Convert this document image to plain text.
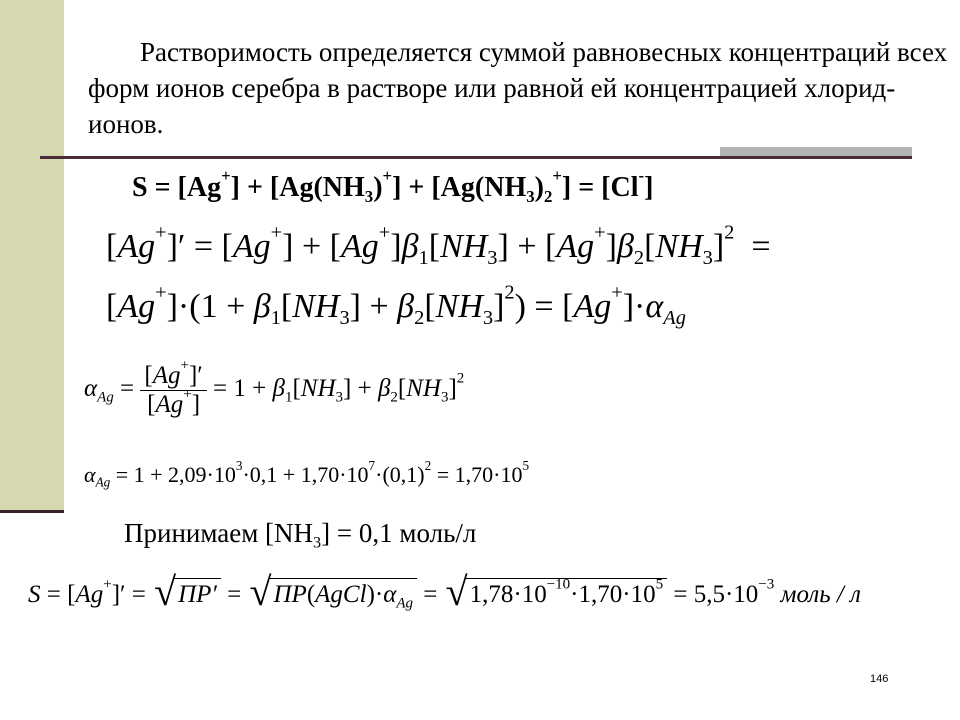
Растворимость определяется суммой равновесных концентраций всех форм ионов серебра в растворе или равной ей концентрацией хлорид-ионов.

$S = [Ag^+] + [Ag(NH_3)^+] + [Ag(NH_3)_2^+] = [Cl^-]$
$[Ag^+]' = [Ag^+] + [Ag^+]\beta_1[NH_3] + [Ag^+]\beta_2[NH_3]^2$  =
$[Ag^+]\cdot(1 + \beta_1[NH_3] + \beta_2[NH_3]^2) = [Ag^+]\cdot\alpha_{Ag}$
$\alpha_{Ag} = \frac{[Ag^+]'}{[Ag^+]} = 1 + \beta_1[NH_3] + \beta_2[NH_3]^2$
$\alpha_{Ag} = 1 + 2,09\cdot 10^3\cdot 0,1 + 1,70\cdot 10^7\cdot(0,1)^2 = 1,70\cdot 10^5$
Принимаем $[NH_3] = 0,1$ моль/л
S = [Ag+]′ = √ ПР′ = √ $ПР(AgCl)\cdot\alpha_{Ag}$ = √ $1,78\cdot 10^{-10}\cdot 1,70\cdot 10^5 = 5,5\cdot 10^{-3}$ моль / л
146
